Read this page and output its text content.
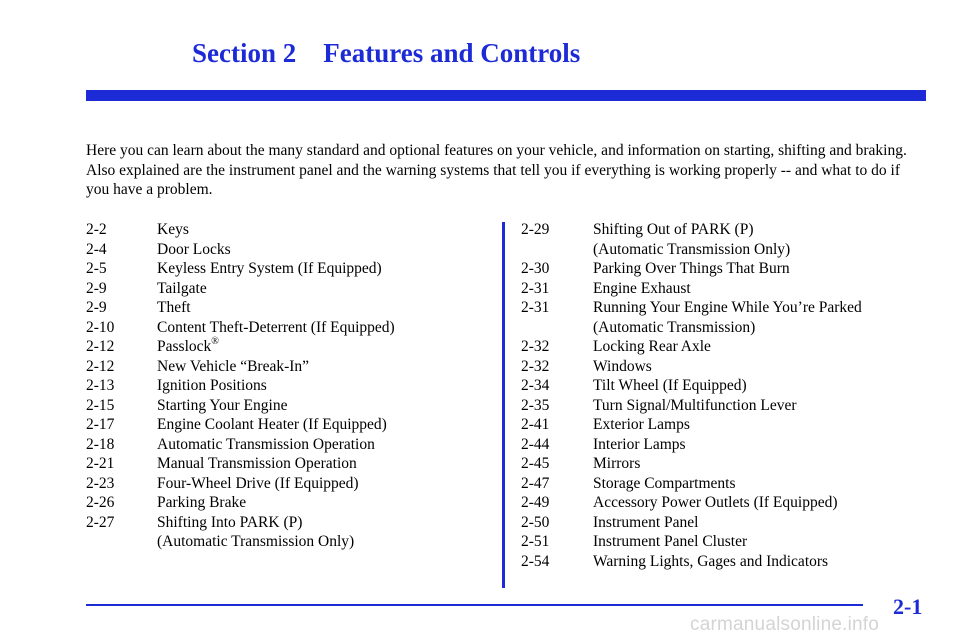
Section 2    Features and Controls

Here you can learn about the many standard and optional features on your vehicle, and information on starting, shifting and braking. Also explained are the instrument panel and the warning systems that tell you if everything is working properly -- and what to do if you have a problem.

2-2	Keys
2-4	Door Locks
2-5	Keyless Entry System (If Equipped)
2-9	Tailgate
2-9	Theft
2-10	Content Theft-Deterrent (If Equipped)
2-12	Passlock®
2-12	New Vehicle “Break-In”
2-13	Ignition Positions
2-15	Starting Your Engine
2-17	Engine Coolant Heater (If Equipped)
2-18	Automatic Transmission Operation
2-21	Manual Transmission Operation
2-23	Four-Wheel Drive (If Equipped)
2-26	Parking Brake
2-27	Shifting Into PARK (P)
(Automatic Transmission Only)
2-29	Shifting Out of PARK (P)
(Automatic Transmission Only)
2-30	Parking Over Things That Burn
2-31	Engine Exhaust
2-31	Running Your Engine While You’re Parked
(Automatic Transmission)
2-32	Locking Rear Axle
2-32	Windows
2-34	Tilt Wheel (If Equipped)
2-35	Turn Signal/Multifunction Lever
2-41	Exterior Lamps
2-44	Interior Lamps
2-45	Mirrors
2-47	Storage Compartments
2-49	Accessory Power Outlets (If Equipped)
2-50	Instrument Panel
2-51	Instrument Panel Cluster
2-54	Warning Lights, Gages and Indicators
2-1
carmanualsonline.info
